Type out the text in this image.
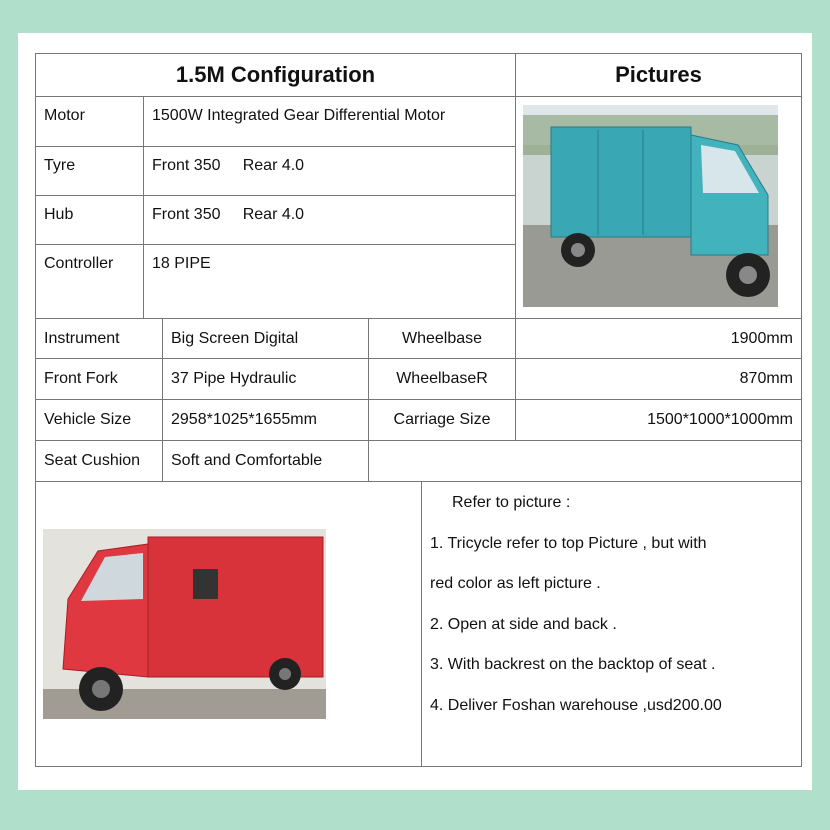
1.5M Configuration	Pictures
Motor	1500W Integrated Gear Differential Motor
Tyre	Front 350     Rear 4.0
Hub	Front 350     Rear 4.0
Controller	18 PIPE
Instrument	Big Screen Digital	Wheelbase	1900mm
Front Fork	37 Pipe Hydraulic	WheelbaseR	870mm
Vehicle Size	2958*1025*1655mm	Carriage Size	1500*1000*1000mm
Seat Cushion	Soft and Comfortable

Refer to picture :

1. Tricycle refer to top Picture , but with

red color as left picture .

2. Open at side and back .

3. With backrest on the backtop of seat .

4. Deliver Foshan warehouse ,usd200.00
